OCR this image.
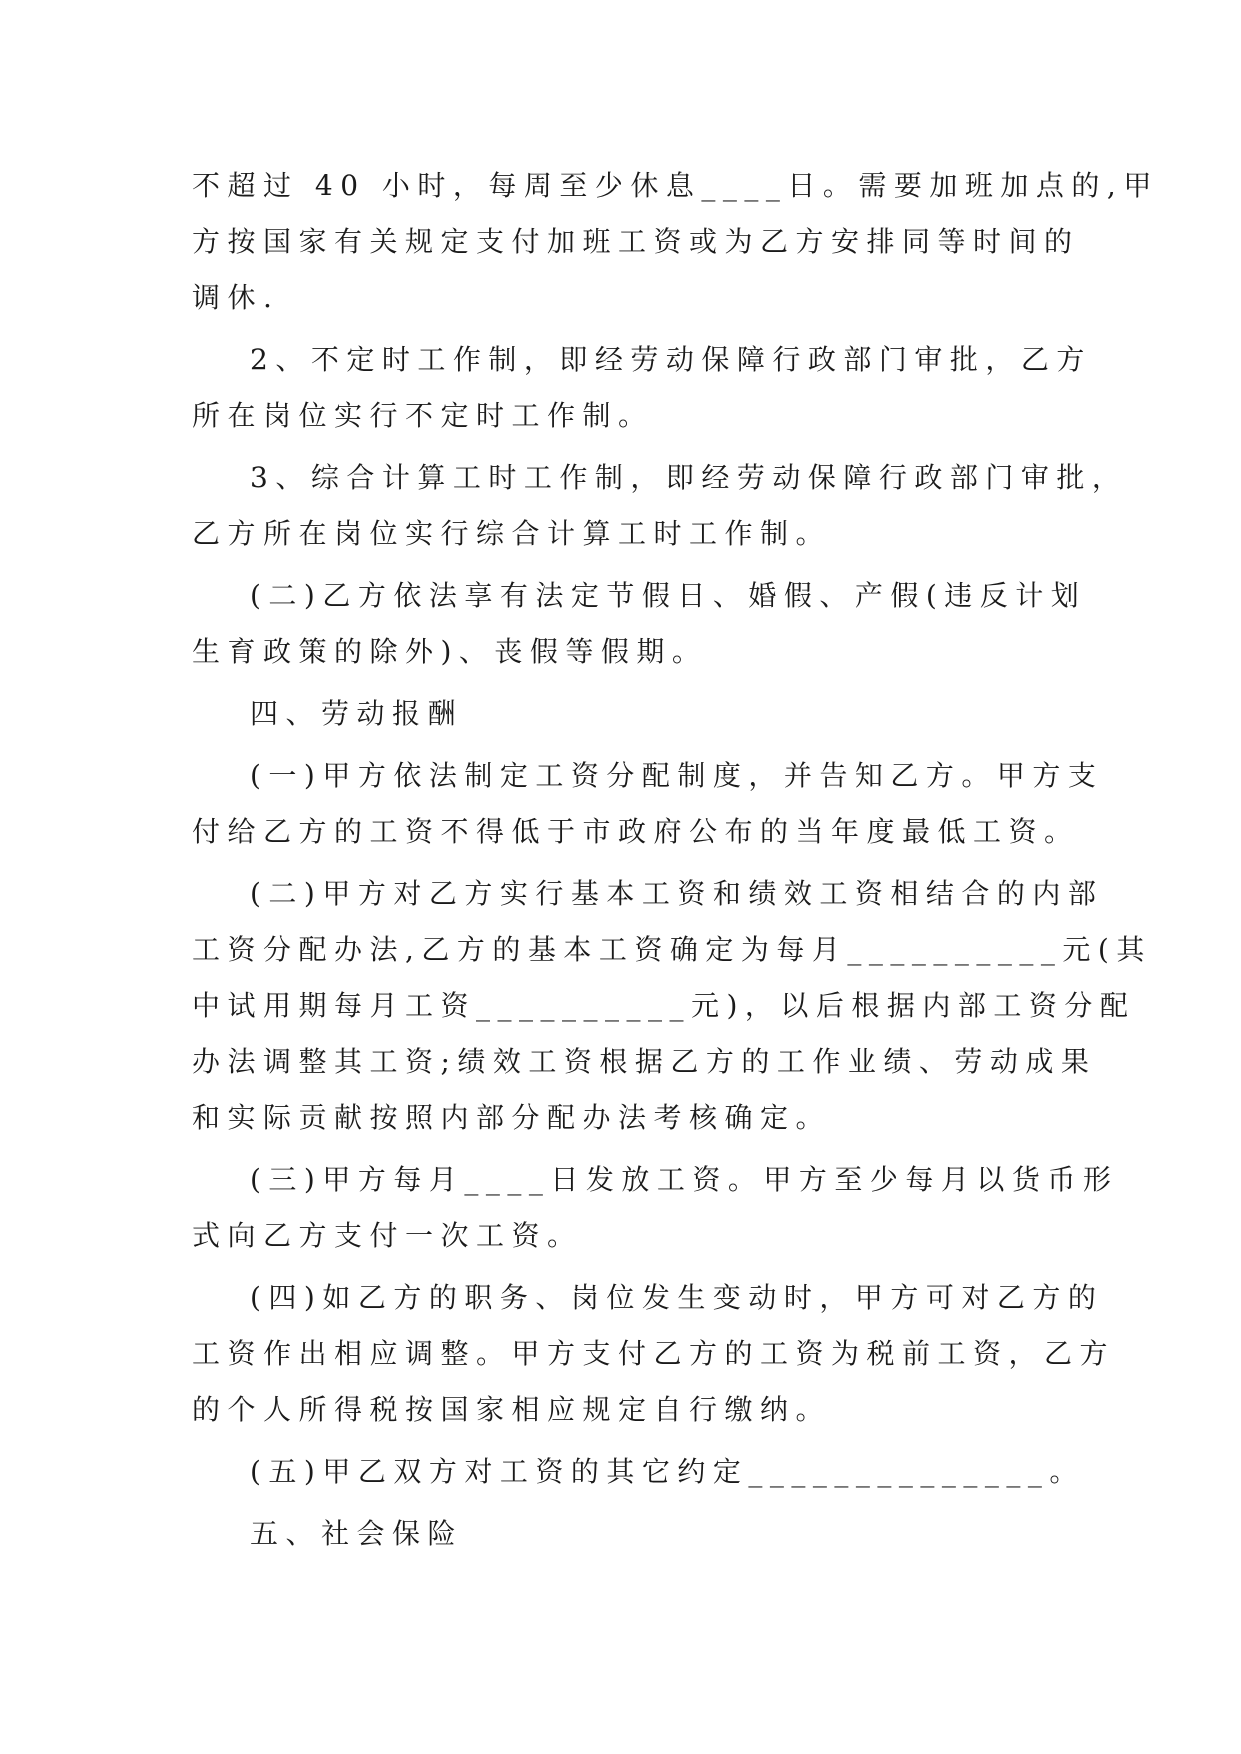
不超过 40 小时，每周至少休息____日。需要加班加点的,甲
方按国家有关规定支付加班工资或为乙方安排同等时间的
调休.
2、不定时工作制，即经劳动保障行政部门审批，乙方
所在岗位实行不定时工作制。
3、综合计算工时工作制，即经劳动保障行政部门审批，
乙方所在岗位实行综合计算工时工作制。
(二)乙方依法享有法定节假日、婚假、产假(违反计划
生育政策的除外)、丧假等假期。
四、劳动报酬
(一)甲方依法制定工资分配制度，并告知乙方。甲方支
付给乙方的工资不得低于市政府公布的当年度最低工资。
(二)甲方对乙方实行基本工资和绩效工资相结合的内部
工资分配办法,乙方的基本工资确定为每月__________元(其
中试用期每月工资__________元)，以后根据内部工资分配
办法调整其工资;绩效工资根据乙方的工作业绩、劳动成果
和实际贡献按照内部分配办法考核确定。
(三)甲方每月____日发放工资。甲方至少每月以货币形
式向乙方支付一次工资。
(四)如乙方的职务、岗位发生变动时，甲方可对乙方的
工资作出相应调整。甲方支付乙方的工资为税前工资，乙方
的个人所得税按国家相应规定自行缴纳。
(五)甲乙双方对工资的其它约定______________。
五、社会保险
